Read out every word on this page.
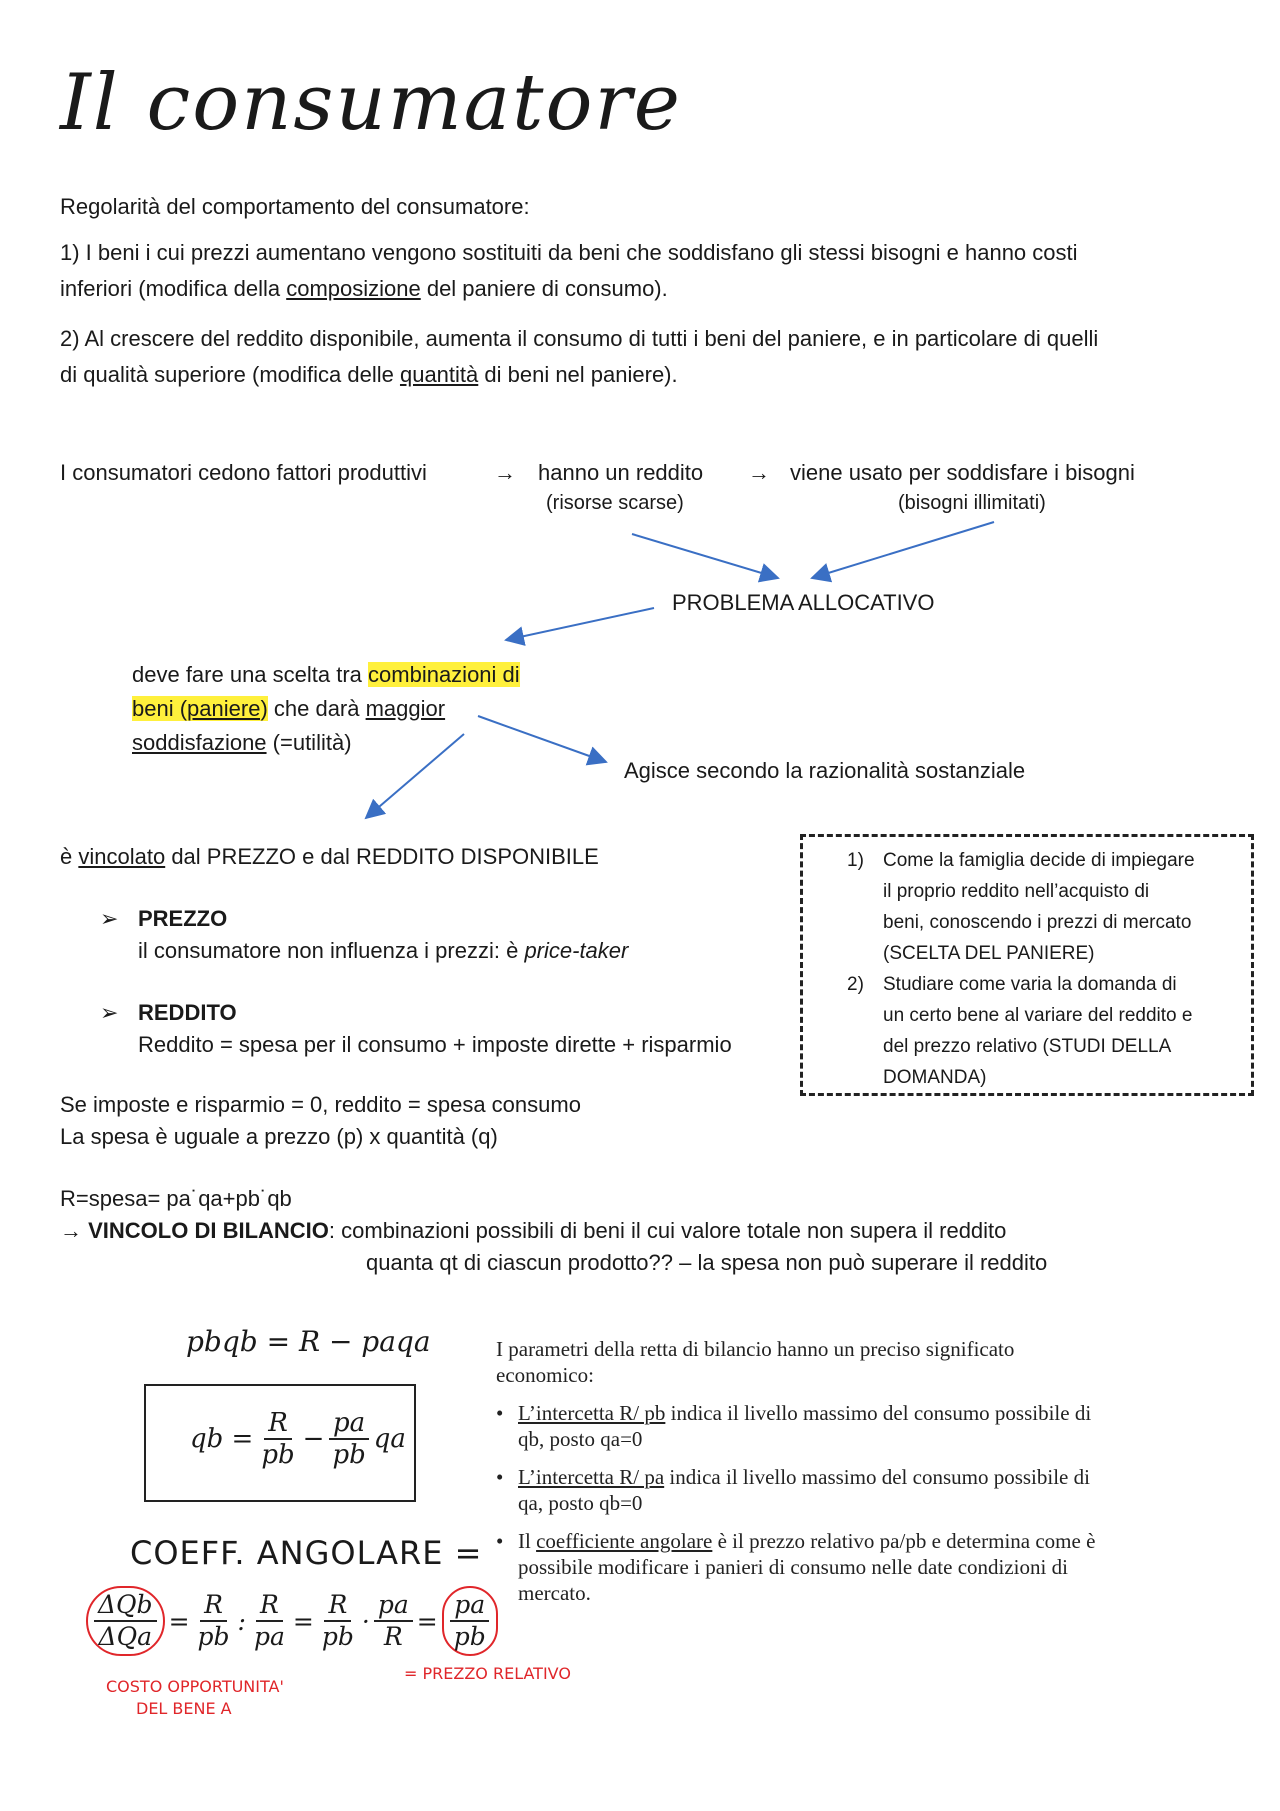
Il consumatore
Regolarità del comportamento del consumatore:
1) I beni i cui prezzi aumentano vengono sostituiti da beni che soddisfano gli stessi bisogni e hanno costi
inferiori (modifica della composizione del paniere di consumo).
2) Al crescere del reddito disponibile, aumenta il consumo di tutti i beni del paniere, e in particolare di quelli
di qualità superiore (modifica delle quantità di beni nel paniere).
I consumatori cedono fattori produttivi	→ hanno un reddito → viene usato per soddisfare i bisogni
(risorse scarse)	(bisogni illimitati)
PROBLEMA ALLOCATIVO
deve fare una scelta tra combinazioni di
beni (paniere) che darà maggior
soddisfazione (=utilità)
Agisce secondo la razionalità sostanziale
è vincolato dal PREZZO e dal REDDITO DISPONIBILE
➢ PREZZO
il consumatore non influenza i prezzi: è price-taker
➢ REDDITO
Reddito = spesa per il consumo + imposte dirette + risparmio
1) Come la famiglia decide di impiegare
il proprio reddito nell’acquisto di
beni, conoscendo i prezzi di mercato
(SCELTA DEL PANIERE)
2) Studiare come varia la domanda di
un certo bene al variare del reddito e
del prezzo relativo (STUDI DELLA
DOMANDA)
Se imposte e risparmio = 0, reddito = spesa consumo
La spesa è uguale a prezzo (p) x quantità (q)
R=spesa= pa˙qa+pb˙qb
→ VINCOLO DI BILANCIO: combinazioni possibili di beni il cui valore totale non supera il reddito
quanta qt di ciascun prodotto?? – la spesa non può superare il reddito
pbqb = R − paqa
qb = $\frac{R}{pb} - \frac{pa}{pb}$ qa
COEFF. ANGOLARE =
$\frac{\text{ΔQb}}{\text{ΔQa}} = \frac{R}{pb}$ : $\frac{R}{pa} = \frac{R}{pb} \cdot \frac{pa}{R} = \frac{pa}{pb}$
COSTO OPPORTUNITA'
DEL BENE A
= PREZZO RELATIVO
I parametri della retta di bilancio hanno un preciso significato
economico:
• L’intercetta R/ pb indica il livello massimo del consumo possibile di
qb, posto qa=0
• L’intercetta R/ pa indica il livello massimo del consumo possibile di
qa, posto qb=0
• Il coefficiente angolare è il prezzo relativo pa/pb e determina come è
possibile modificare i panieri di consumo nelle date condizioni di
mercato.
